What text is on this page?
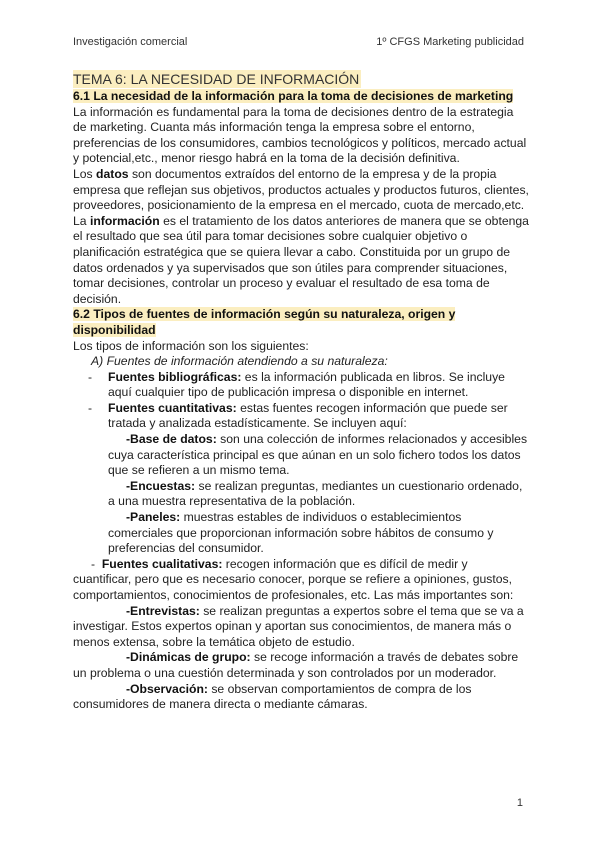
Investigación comercial	1º CFGS Marketing publicidad
TEMA 6: LA NECESIDAD DE INFORMACIÓN
6.1 La necesidad de la información para la toma de decisiones de marketing

La información es fundamental para la toma de decisiones dentro de la estrategia de marketing. Cuanta más información tenga la empresa sobre el entorno, preferencias de los consumidores, cambios tecnológicos y políticos, mercado actual y potencial,etc., menor riesgo habrá en la toma de la decisión definitiva.

Los datos son documentos extraídos del entorno de la empresa y de la propia empresa que reflejan sus objetivos, productos actuales y productos futuros, clientes, proveedores, posicionamiento de la empresa en el mercado, cuota de mercado,etc.

La información es el tratamiento de los datos anteriores de manera que se obtenga el resultado que sea útil para tomar decisiones sobre cualquier objetivo o planificación estratégica que se quiera llevar a cabo. Constituida por un grupo de datos ordenados y ya supervisados que son útiles para comprender situaciones, tomar decisiones, controlar un proceso y evaluar el resultado de esa toma de decisión.

6.2 Tipos de fuentes de información según su naturaleza, origen y disponibilidad

Los tipos de información son los siguientes:

A) Fuentes de información atendiendo a su naturaleza:

- Fuentes bibliográficas: es la información publicada en libros. Se incluye aquí cualquier tipo de publicación impresa o disponible en internet.

- Fuentes cuantitativas: estas fuentes recogen información que puede ser tratada y analizada estadísticamente. Se incluyen aquí:

-Base de datos: son una colección de informes relacionados y accesibles cuya característica principal es que aúnan en un solo fichero todos los datos que se refieren a un mismo tema.

-Encuestas: se realizan preguntas, mediantes un cuestionario ordenado, a una muestra representativa de la población.

-Paneles: muestras estables de individuos o establecimientos comerciales que proporcionan información sobre hábitos de consumo y preferencias del consumidor.

-  Fuentes cualitativas: recogen información que es difícil de medir y cuantificar, pero que es necesario conocer, porque se refiere a opiniones, gustos, comportamientos, conocimientos de profesionales, etc. Las más importantes son:

-Entrevistas: se realizan preguntas a expertos sobre el tema que se va a investigar. Estos expertos opinan y aportan sus conocimientos, de manera más o menos extensa, sobre la temática objeto de estudio.

-Dinámicas de grupo: se recoge información a través de debates sobre un problema o una cuestión determinada y son controlados por un moderador.

-Observación: se observan comportamientos de compra de los consumidores de manera directa o mediante cámaras.

1
